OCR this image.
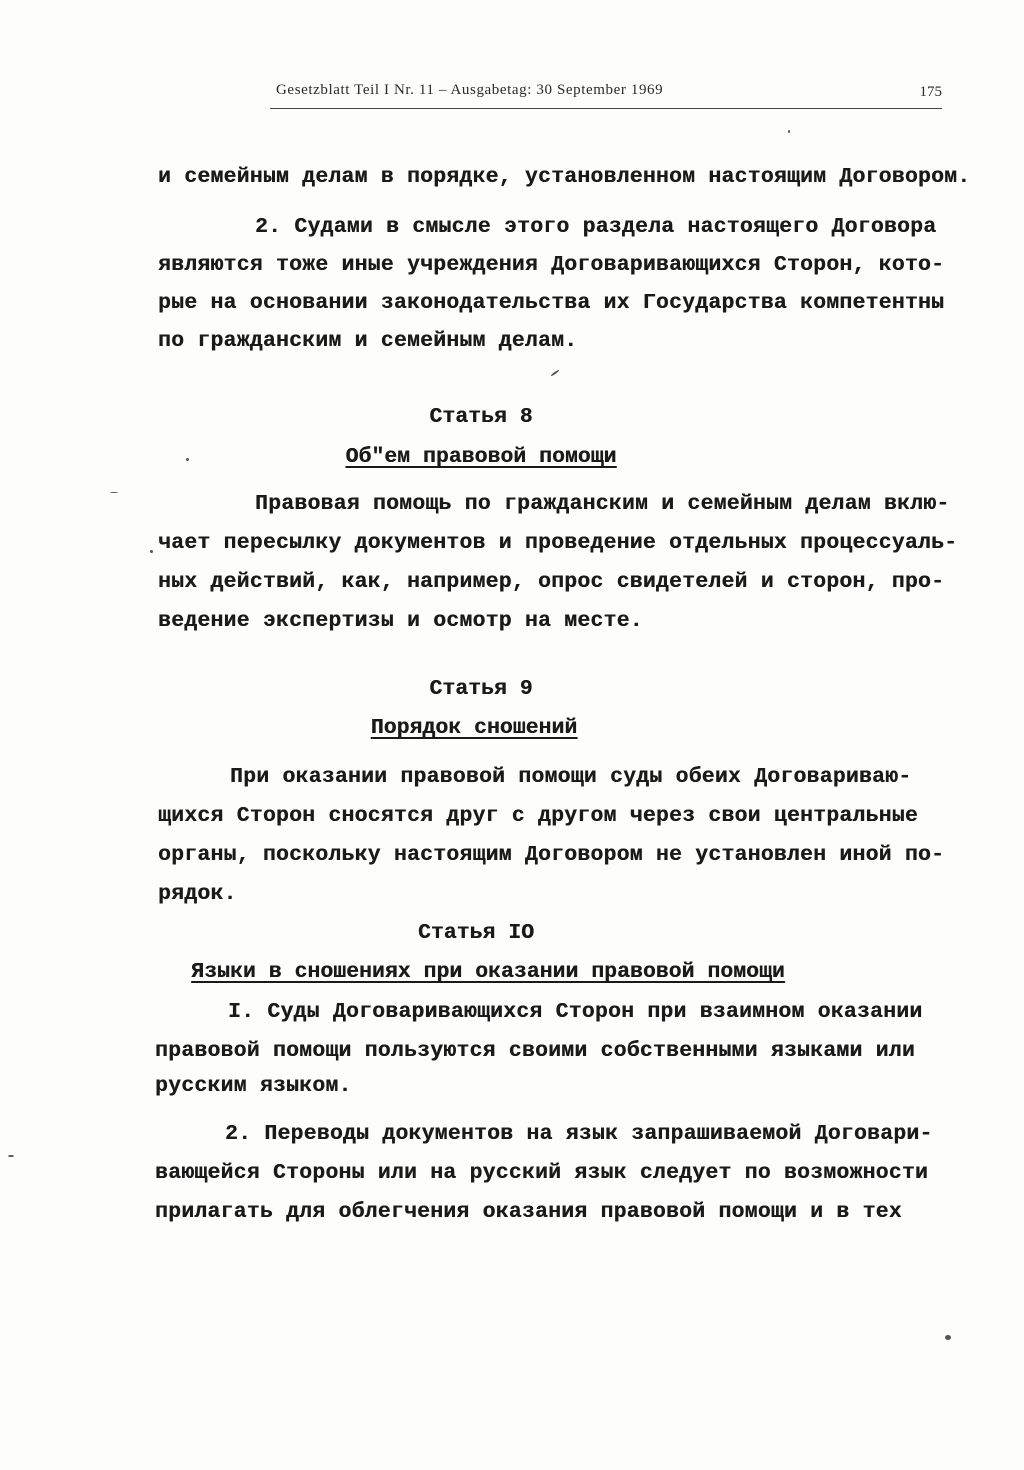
Gesetzblatt Teil I Nr. 11 – Ausgabetag: 30 September 1969	175
и семейным делам в порядке, установленном настоящим Договором.
2. Судами в смысле этого раздела настоящего Договора
являются тоже иные учреждения Договаривающихся Сторон, кото-
рые на основании законодательства их Государства компетентны
по гражданским и семейным делам.
Статья 8
Об"ем правовой помощи
Правовая помощь по гражданским и семейным делам вклю-
чает пересылку документов и проведение отдельных процессуаль-
ных действий, как, например, опрос свидетелей и сторон, про-
ведение экспертизы и осмотр на месте.
Статья 9
Порядок сношений
При оказании правовой помощи суды обеих Договариваю-
щихся Сторон сносятся друг с другом через свои центральные
органы, поскольку настоящим Договором не установлен иной по-
рядок.
Статья IO
Языки в сношениях при оказании правовой помощи
I. Суды Договаривающихся Сторон при взаимном оказании
правовой помощи пользуются своими собственными языками или
русским языком.
2. Переводы документов на язык запрашиваемой Договари-
вающейся Стороны или на русский язык следует по возможности
прилагать для облегчения оказания правовой помощи и в тех
